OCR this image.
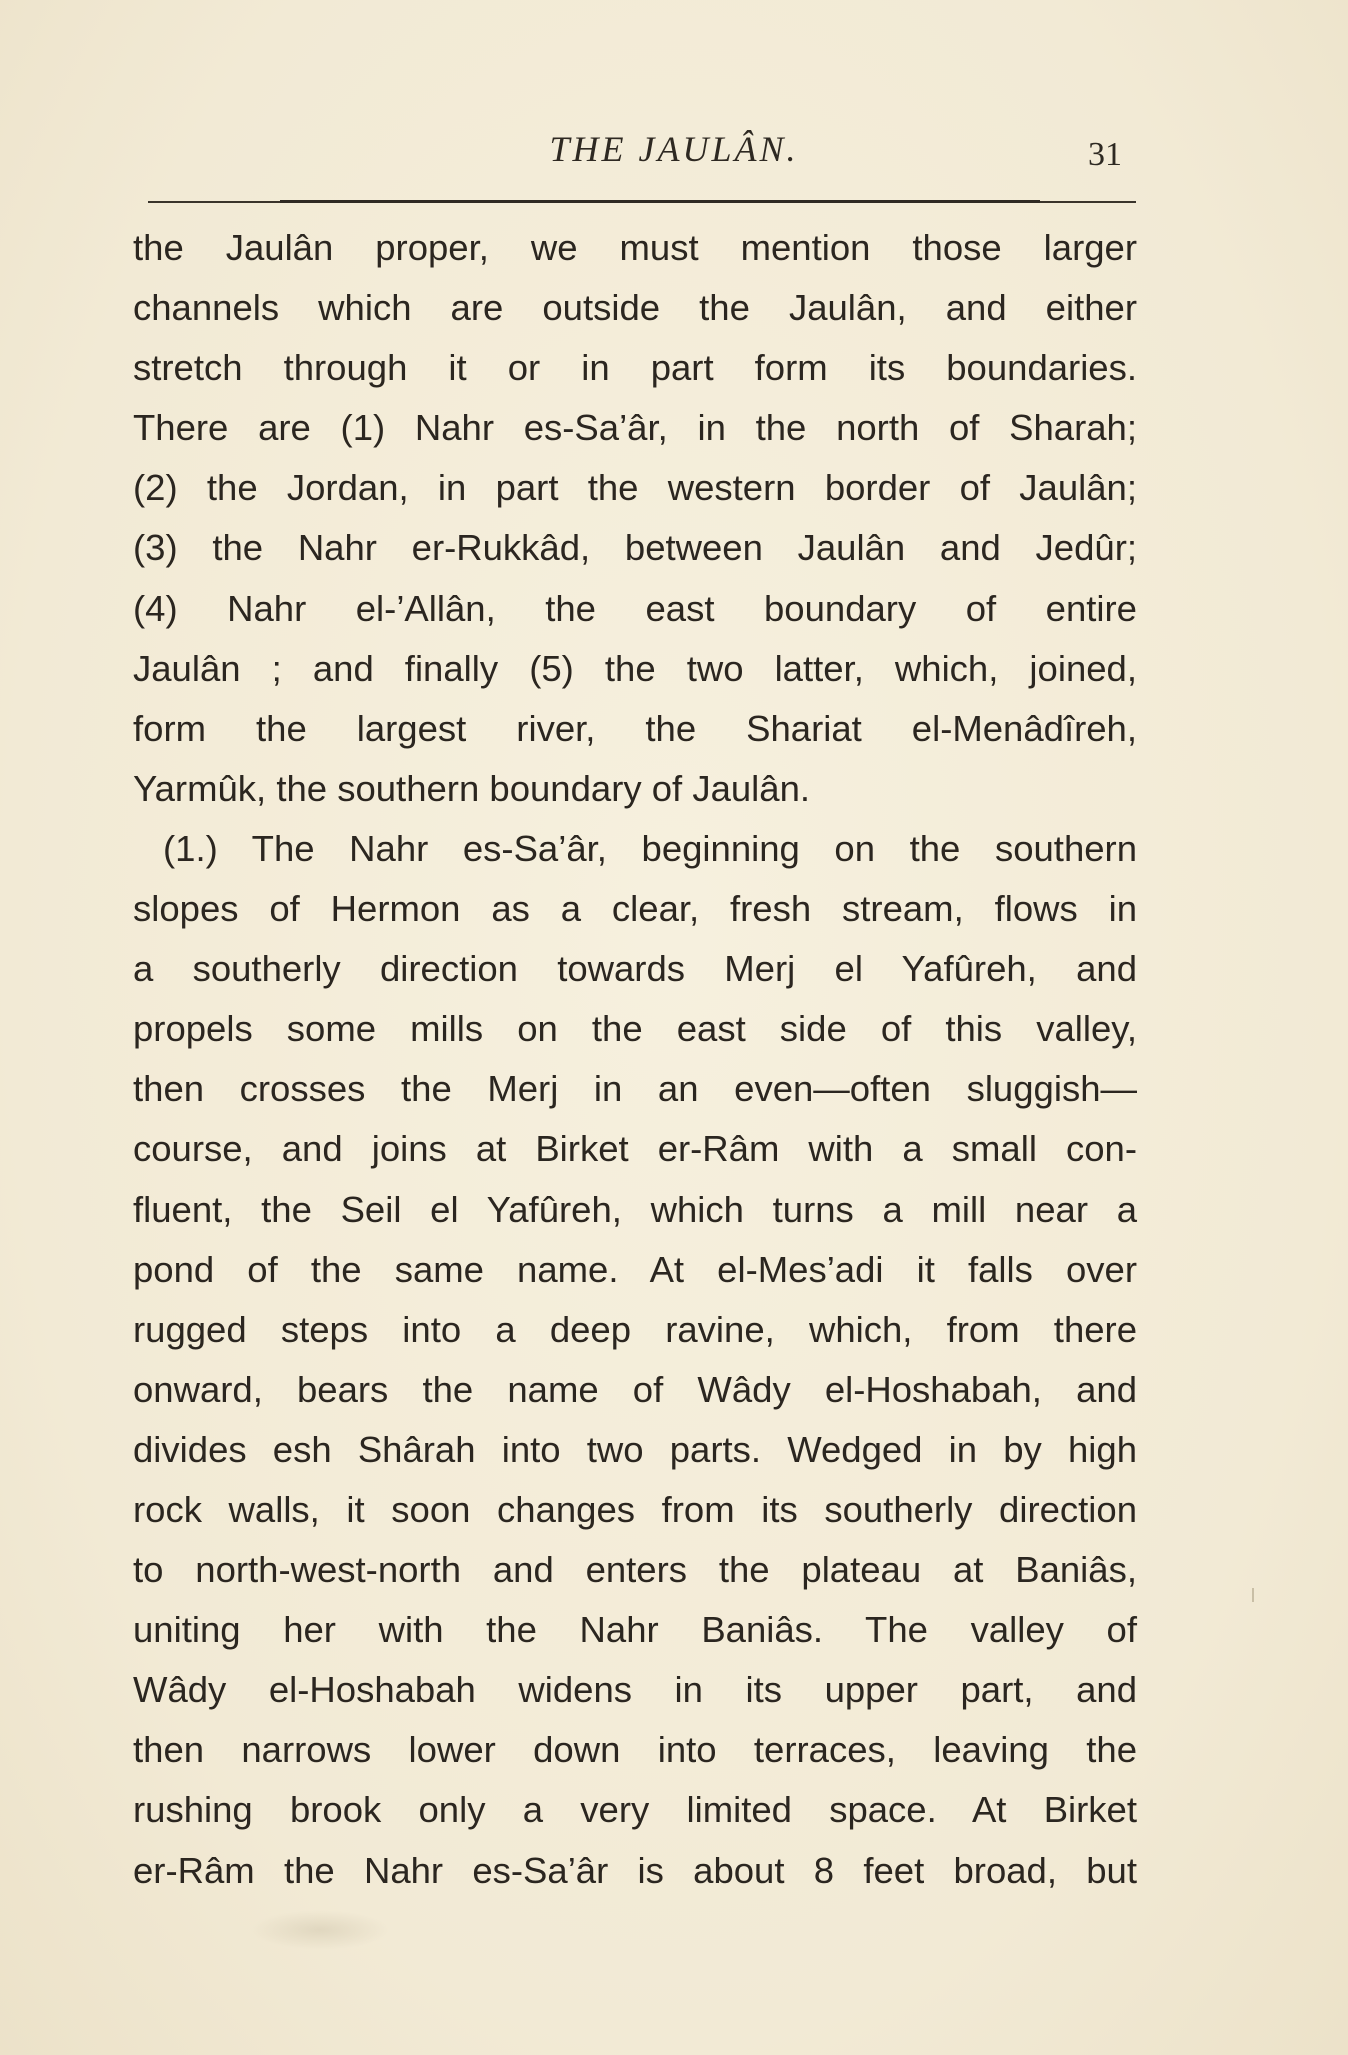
THE JAULÂN.	31
the Jaulân proper, we must mention those larger
channels which are outside the Jaulân, and either
stretch through it or in part form its boundaries.
There are (1) Nahr es-Sa’âr, in the north of Sharah;
(2) the Jordan, in part the western border of Jaulân;
(3) the Nahr er-Rukkâd, between Jaulân and Jedûr;
(4) Nahr el-’Allân, the east boundary of entire
Jaulân ; and finally (5) the two latter, which, joined,
form the largest river, the Shariat el-Menâdîreh,
Yarmûk, the southern boundary of Jaulân.
(1.) The Nahr es-Sa’âr, beginning on the southern
slopes of Hermon as a clear, fresh stream, flows in
a southerly direction towards Merj el Yafûreh, and
propels some mills on the east side of this valley,
then crosses the Merj in an even—often sluggish—
course, and joins at Birket er-Râm with a small con-
fluent, the Seil el Yafûreh, which turns a mill near a
pond of the same name. At el-Mes’adi it falls over
rugged steps into a deep ravine, which, from there
onward, bears the name of Wâdy el-Hoshabah, and
divides esh Shârah into two parts. Wedged in by high
rock walls, it soon changes from its southerly direction
to north-west-north and enters the plateau at Baniâs,
uniting her with the Nahr Baniâs. The valley of
Wâdy el-Hoshabah widens in its upper part, and
then narrows lower down into terraces, leaving the
rushing brook only a very limited space. At Birket
er-Râm the Nahr es-Sa’âr is about 8 feet broad, but
